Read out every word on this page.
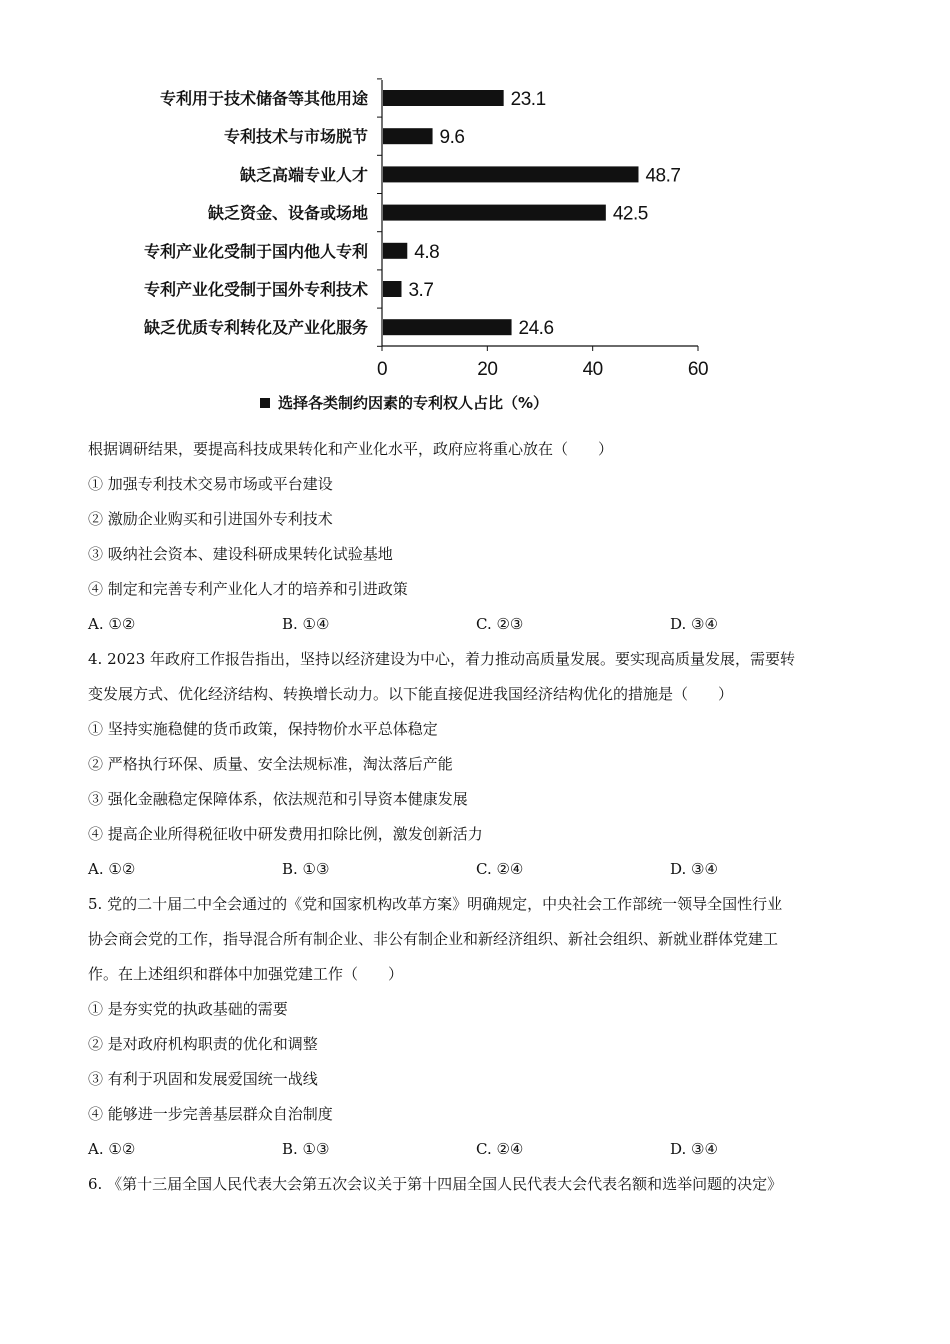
专利用于技术储备等其他用途	23.1
专利技术与市场脱节	9.6
缺乏高端专业人才	48.7
缺乏资金、设备或场地	42.5
专利产业化受制于国内他人专利 4.8
专利产业化受制于国外专利技术 3.7
缺乏优质专利转化及产业化服务	24.6
0	20	40	60
选择各类制约因素的专利权人占比（%）
根据调研结果，要提高科技成果转化和产业化水平，政府应将重心放在（　　）
① 加强专利技术交易市场或平台建设
② 激励企业购买和引进国外专利技术
③ 吸纳社会资本、建设科研成果转化试验基地
④ 制定和完善专利产业化人才的培养和引进政策
A. ①②	B. ①④	C. ②③	D. ③④
4. 2023 年政府工作报告指出，坚持以经济建设为中心，着力推动高质量发展。要实现高质量发展，需要转
变发展方式、优化经济结构、转换增长动力。以下能直接促进我国经济结构优化的措施是（　　）
① 坚持实施稳健的货币政策，保持物价水平总体稳定
② 严格执行环保、质量、安全法规标准，淘汰落后产能
③ 强化金融稳定保障体系，依法规范和引导资本健康发展
④ 提高企业所得税征收中研发费用扣除比例，激发创新活力
A. ①②	B. ①③	C. ②④	D. ③④
5. 党的二十届二中全会通过的《党和国家机构改革方案》明确规定，中央社会工作部统一领导全国性行业
协会商会党的工作，指导混合所有制企业、非公有制企业和新经济组织、新社会组织、新就业群体党建工
作。在上述组织和群体中加强党建工作（　　）
① 是夯实党的执政基础的需要
② 是对政府机构职责的优化和调整
③ 有利于巩固和发展爱国统一战线
④ 能够进一步完善基层群众自治制度
A. ①②	B. ①③	C. ②④	D. ③④
6. 《第十三届全国人民代表大会第五次会议关于第十四届全国人民代表大会代表名额和选举问题的决定》
